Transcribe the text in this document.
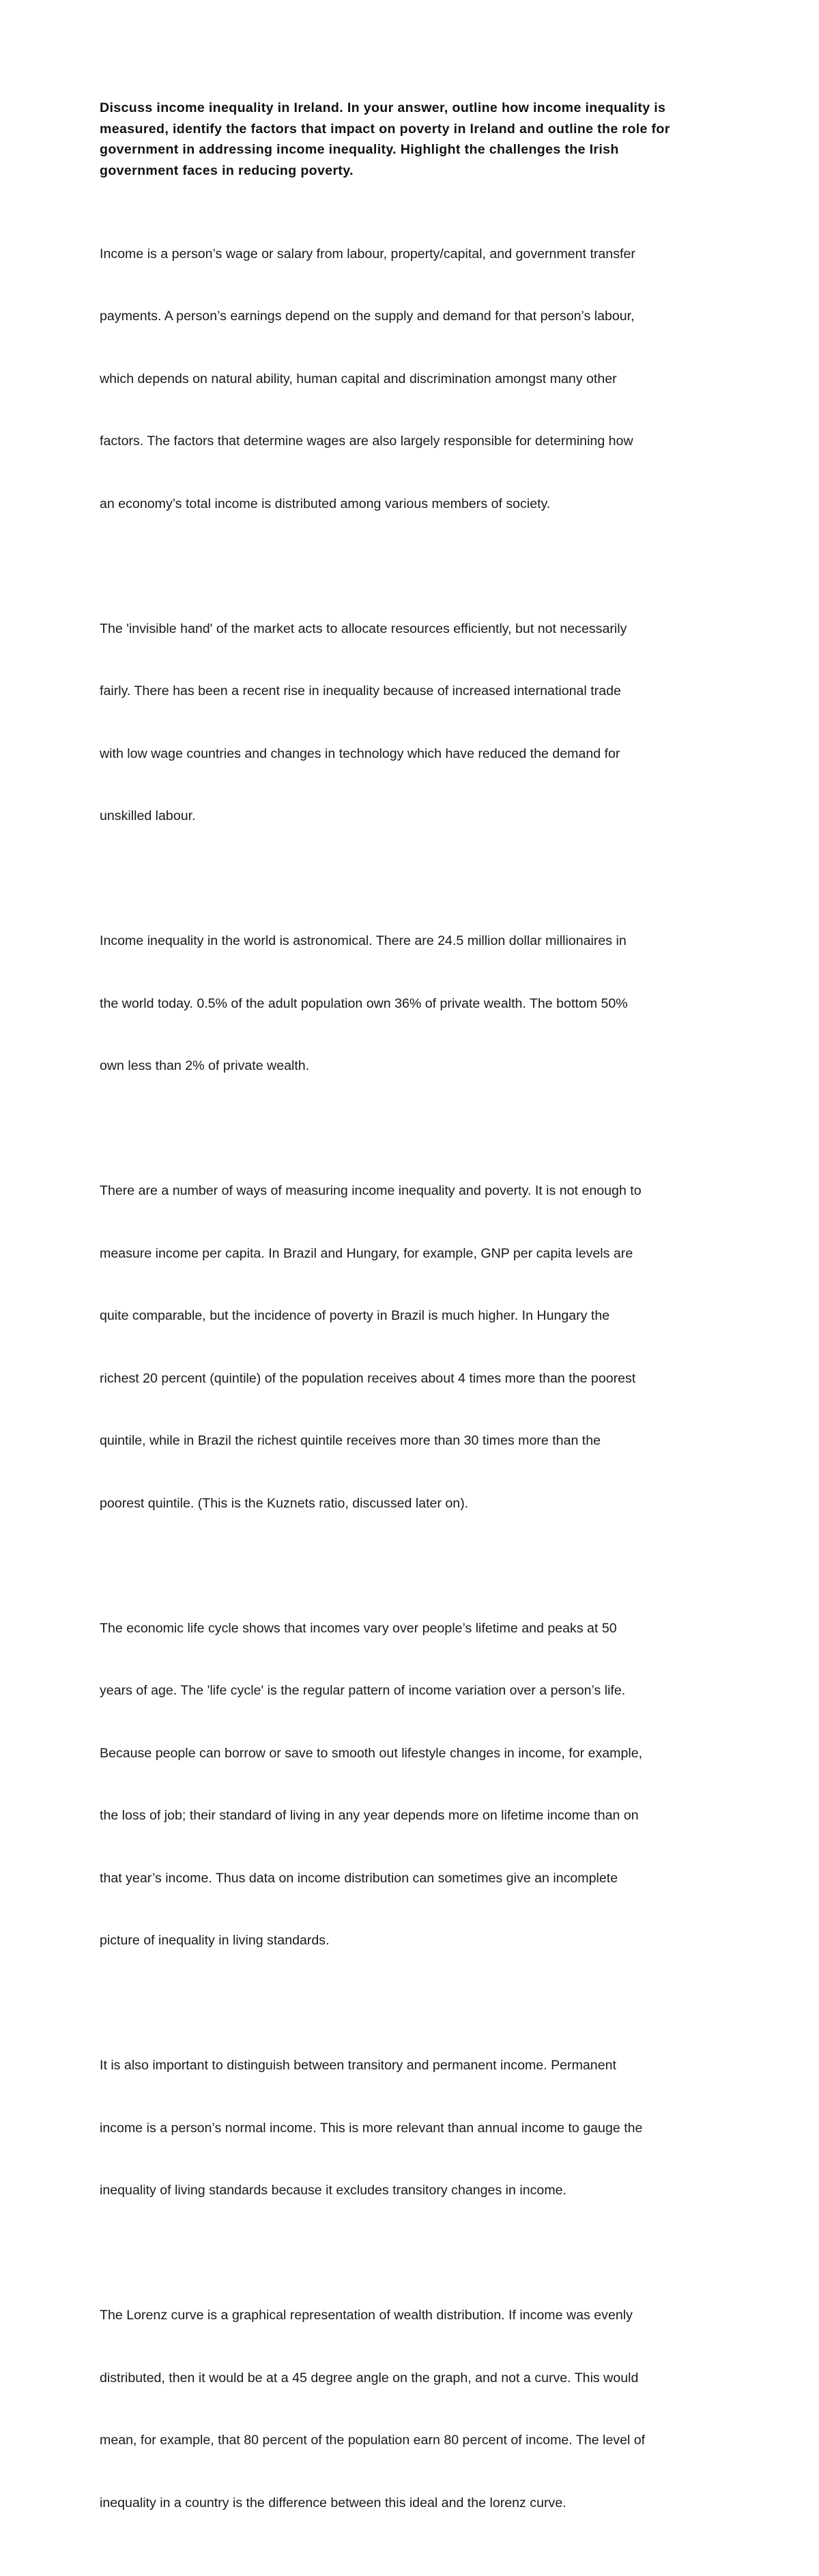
Discuss income inequality in Ireland. In your answer, outline how income inequality is
measured, identify the factors that impact on poverty in Ireland and outline the role for
government in addressing income inequality. Highlight the challenges the Irish
government faces in reducing poverty.

Income is a person’s wage or salary from labour, property/capital, and government transfer

payments. A person’s earnings depend on the supply and demand for that person’s labour,

which depends on natural ability, human capital and discrimination amongst many other

factors. The factors that determine wages are also largely responsible for determining how

an economy’s total income is distributed among various members of society.

The 'invisible hand' of the market acts to allocate resources efficiently, but not necessarily

fairly. There has been a recent rise in inequality because of increased international trade

with low wage countries and changes in technology which have reduced the demand for

unskilled labour.

Income inequality in the world is astronomical. There are 24.5 million dollar millionaires in

the world today. 0.5% of the adult population own 36% of private wealth. The bottom 50%

own less than 2% of private wealth.

There are a number of ways of measuring income inequality and poverty. It is not enough to

measure income per capita. In Brazil and Hungary, for example, GNP per capita levels are

quite comparable, but the incidence of poverty in Brazil is much higher. In Hungary the

richest 20 percent (quintile) of the population receives about 4 times more than the poorest

quintile, while in Brazil the richest quintile receives more than 30 times more than the

poorest quintile. (This is the Kuznets ratio, discussed later on).

The economic life cycle shows that incomes vary over people’s lifetime and peaks at 50

years of age. The 'life cycle' is the regular pattern of income variation over a person’s life.

Because people can borrow or save to smooth out lifestyle changes in income, for example,

the loss of job; their standard of living in any year depends more on lifetime income than on

that year’s income. Thus data on income distribution can sometimes give an incomplete

picture of inequality in living standards.

It is also important to distinguish between transitory and permanent income. Permanent

income is a person’s normal income. This is more relevant than annual income to gauge the

inequality of living standards because it excludes transitory changes in income.

The Lorenz curve is a graphical representation of wealth distribution. If income was evenly

distributed, then it would be at a 45 degree angle on the graph, and not a curve. This would

mean, for example, that 80 percent of the population earn 80 percent of income. The level of

inequality in a country is the difference between this ideal and the lorenz curve.
